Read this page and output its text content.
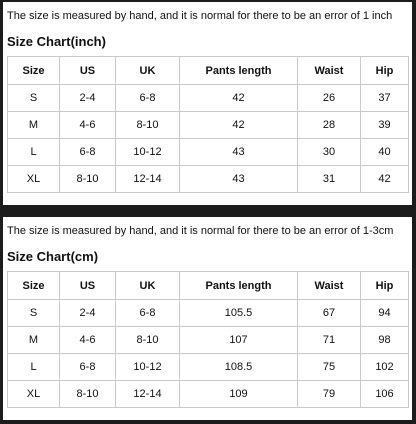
The size is measured by hand, and it is normal for there to be an error of 1 inch
Size Chart(inch)
Size	US	UK	Pants length	Waist	Hip
S	2-4	6-8	42	26	37
M	4-6	8-10	42	28	39
L	6-8	10-12	43	30	40
XL	8-10	12-14	43	31	42
The size is measured by hand, and it is normal for there to be an error of 1-3cm
Size Chart(cm)
Size	US	UK	Pants length	Waist	Hip
S	2-4	6-8	105.5	67	94
M	4-6	8-10	107	71	98
L	6-8	10-12	108.5	75	102
XL	8-10	12-14	109	79	106
